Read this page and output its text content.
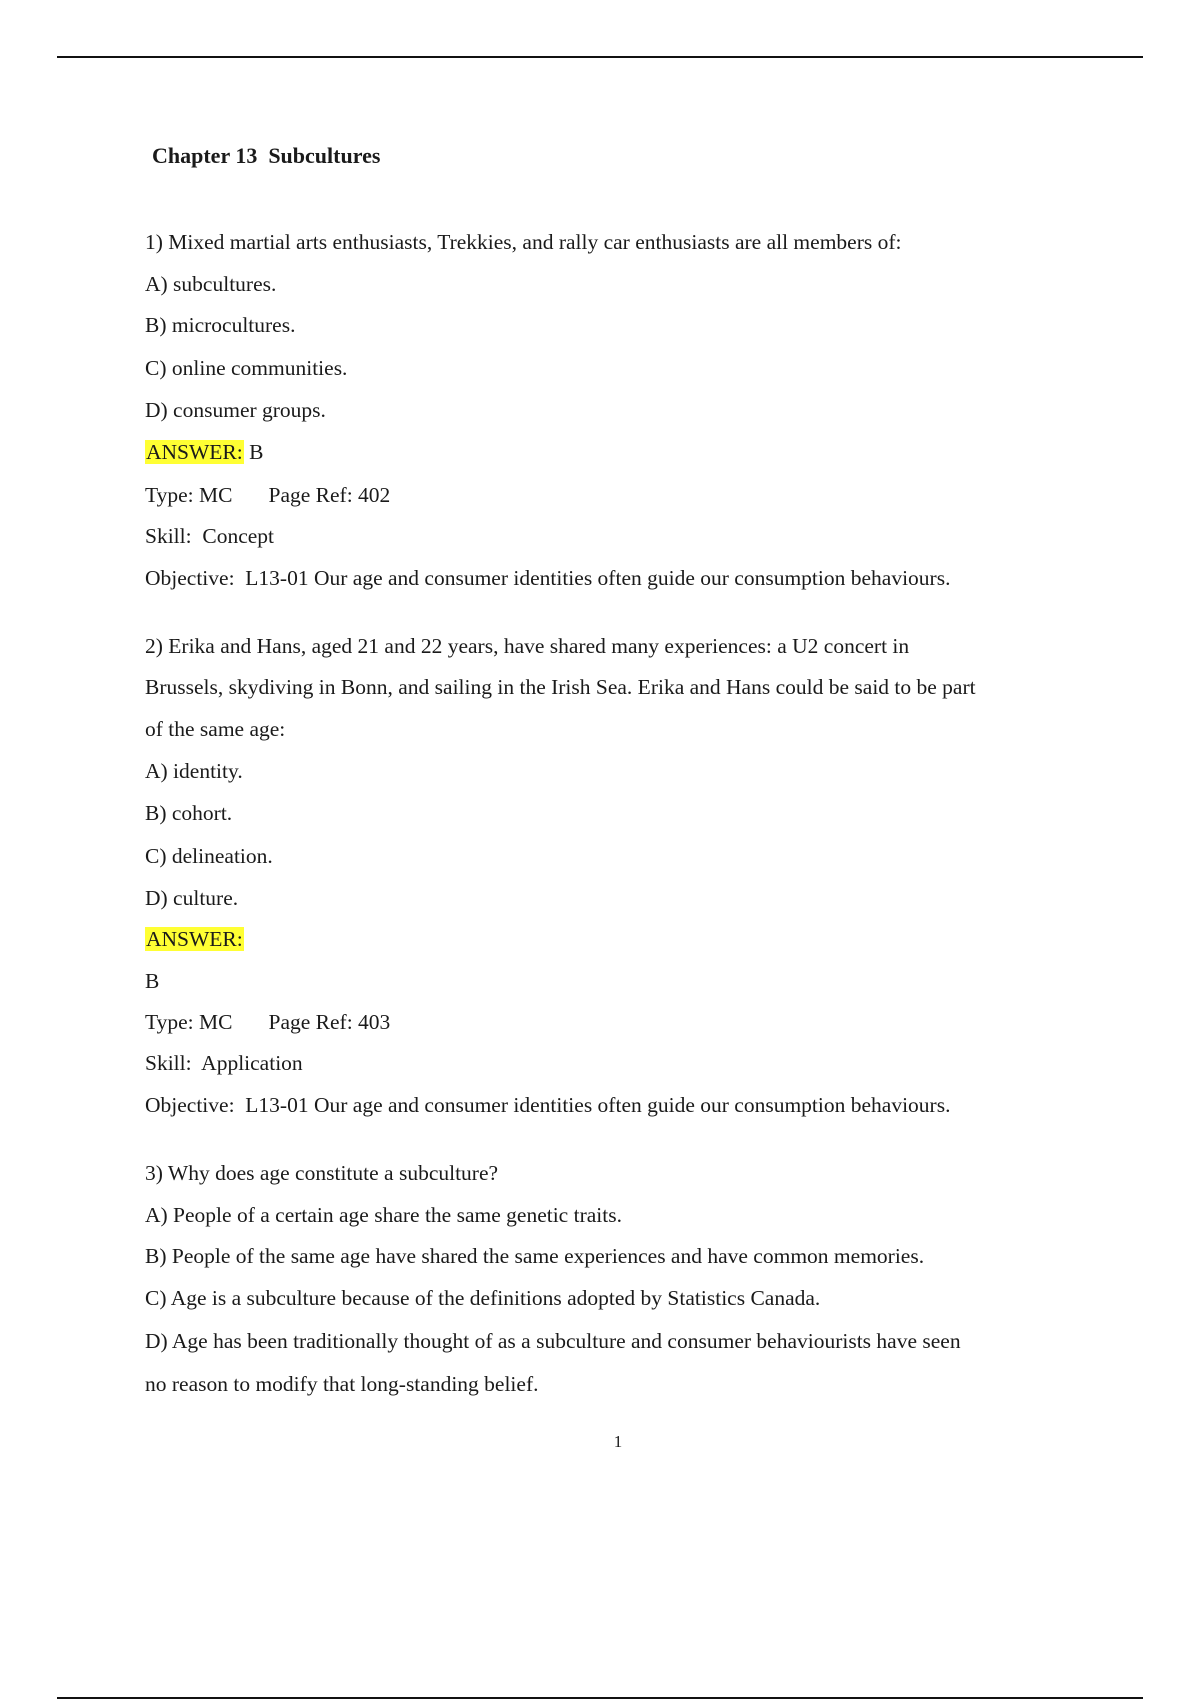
Chapter 13  Subcultures

1) Mixed martial arts enthusiasts, Trekkies, and rally car enthusiasts are all members of:

A) subcultures.

B) microcultures.

C) online communities.

D) consumer groups.

ANSWER: B

Type: MC Page Ref: 402

Skill:  Concept

Objective:  L13-01 Our age and consumer identities often guide our consumption behaviours.

2) Erika and Hans, aged 21 and 22 years, have shared many experiences: a U2 concert in

Brussels, skydiving in Bonn, and sailing in the Irish Sea. Erika and Hans could be said to be part

of the same age:

A) identity.

B) cohort.

C) delineation.

D) culture.

ANSWER:

B

Type: MC Page Ref: 403

Skill:  Application

Objective:  L13-01 Our age and consumer identities often guide our consumption behaviours.

3) Why does age constitute a subculture?

A) People of a certain age share the same genetic traits.

B) People of the same age have shared the same experiences and have common memories.

C) Age is a subculture because of the definitions adopted by Statistics Canada.

D) Age has been traditionally thought of as a subculture and consumer behaviourists have seen

no reason to modify that long-standing belief.

1
